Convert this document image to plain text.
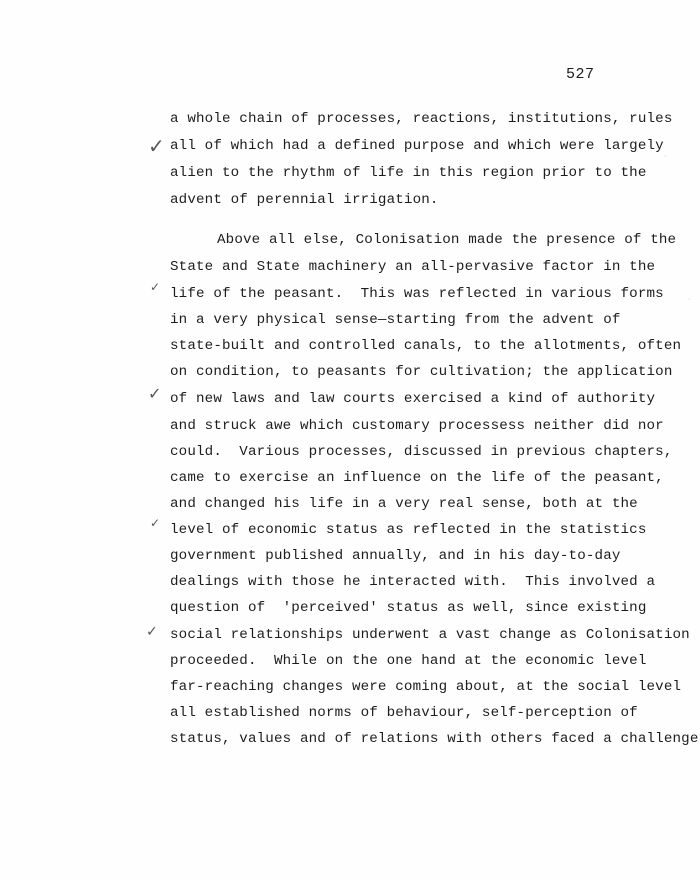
527
a whole chain of processes, reactions, institutions, rules
all of which had a defined purpose and which were largely
alien to the rhythm of life in this region prior to the
advent of perennial irrigation.
Above all else, Colonisation made the presence of the
State and State machinery an all-pervasive factor in the
life of the peasant.  This was reflected in various forms
in a very physical sense—starting from the advent of
state-built and controlled canals, to the allotments, often
on condition, to peasants for cultivation; the application
of new laws and law courts exercised a kind of authority
and struck awe which customary processess neither did nor
could.  Various processes, discussed in previous chapters,
came to exercise an influence on the life of the peasant,
and changed his life in a very real sense, both at the
level of economic status as reflected in the statistics
government published annually, and in his day-to-day
dealings with those he interacted with.  This involved a
question of  'perceived' status as well, since existing
social relationships underwent a vast change as Colonisation
proceeded.  While on the one hand at the economic level
far-reaching changes were coming about, at the social level
all established norms of behaviour, self-perception of
status, values and of relations with others faced a challenge
✓
✓
✓
✓
✓
·
·
